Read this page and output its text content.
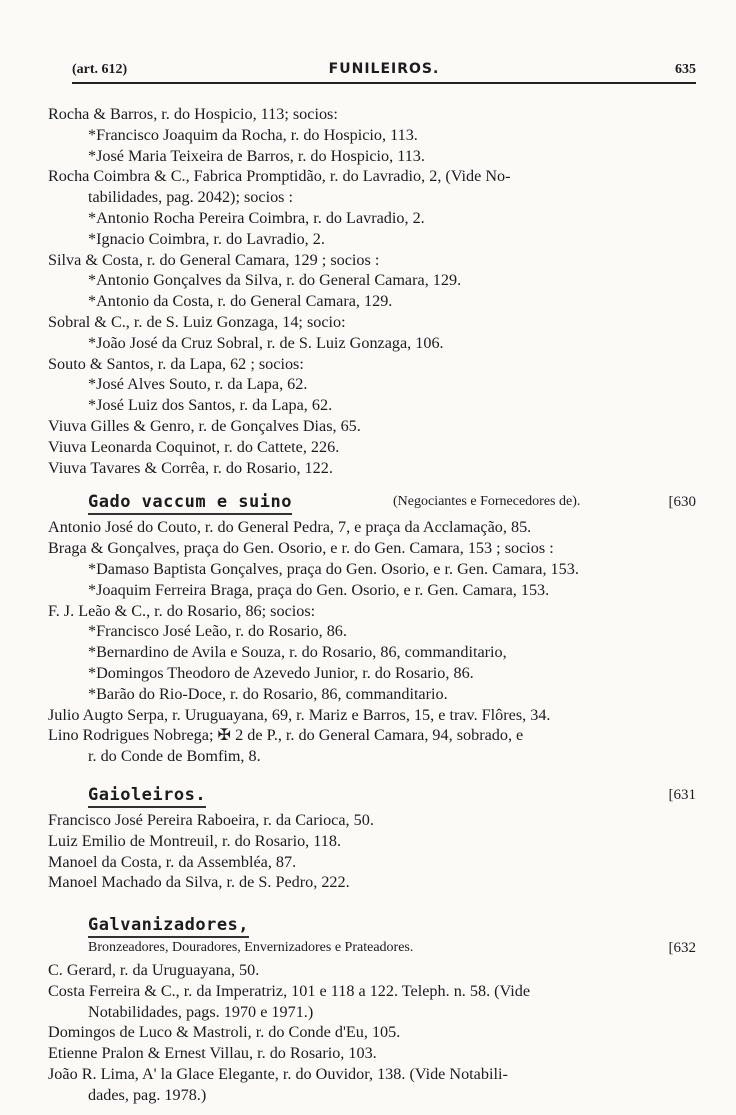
(art. 612)	FUNILEIROS.	635
Rocha & Barros, r. do Hospicio, 113; socios:
*Francisco Joaquim da Rocha, r. do Hospicio, 113.
*José Maria Teixeira de Barros, r. do Hospicio, 113.
Rocha Coimbra & C., Fabrica Promptidão, r. do Lavradio, 2, (Vide No-
tabilidades, pag. 2042); socios :
*Antonio Rocha Pereira Coimbra, r. do Lavradio, 2.
*Ignacio Coimbra, r. do Lavradio, 2.
Silva & Costa, r. do General Camara, 129 ; socios :
*Antonio Gonçalves da Silva, r. do General Camara, 129.
*Antonio da Costa, r. do General Camara, 129.
Sobral & C., r. de S. Luiz Gonzaga, 14; socio:
*João José da Cruz Sobral, r. de S. Luiz Gonzaga, 106.
Souto & Santos, r. da Lapa, 62 ; socios:
*José Alves Souto, r. da Lapa, 62.
*José Luiz dos Santos, r. da Lapa, 62.
Viuva Gilles & Genro, r. de Gonçalves Dias, 65.
Viuva Leonarda Coquinot, r. do Cattete, 226.
Viuva Tavares & Corrêa, r. do Rosario, 122.
Gado vaccum e suino	(Negociantes e Fornecedores de).	[630
Antonio José do Couto, r. do General Pedra, 7, e praça da Acclamação, 85.
Braga & Gonçalves, praça do Gen. Osorio, e r. do Gen. Camara, 153 ; socios :
*Damaso Baptista Gonçalves, praça do Gen. Osorio, e r. Gen. Camara, 153.
*Joaquim Ferreira Braga, praça do Gen. Osorio, e r. Gen. Camara, 153.
F. J. Leão & C., r. do Rosario, 86; socios:
*Francisco José Leão, r. do Rosario, 86.
*Bernardino de Avila e Souza, r. do Rosario, 86, commanditario,
*Domingos Theodoro de Azevedo Junior, r. do Rosario, 86.
*Barão do Rio-Doce, r. do Rosario, 86, commanditario.
Julio Augto Serpa, r. Uruguayana, 69, r. Mariz e Barros, 15, e trav. Flôres, 34.
Lino Rodrigues Nobrega; ✠ 2 de P., r. do General Camara, 94, sobrado, e
r. do Conde de Bomfim, 8.
Gaioleiros.	[631
Francisco José Pereira Raboeira, r. da Carioca, 50.
Luiz Emilio de Montreuil, r. do Rosario, 118.
Manoel da Costa, r. da Assembléa, 87.
Manoel Machado da Silva, r. de S. Pedro, 222.
Galvanizadores,
Bronzeadores, Douradores, Envernizadores e Prateadores.	[632
C. Gerard, r. da Uruguayana, 50.
Costa Ferreira & C., r. da Imperatriz, 101 e 118 a 122. Teleph. n. 58. (Vide
Notabilidades, pags. 1970 e 1971.)
Domingos de Luco & Mastroli, r. do Conde d'Eu, 105.
Etienne Pralon & Ernest Villau, r. do Rosario, 103.
João R. Lima, A' la Glace Elegante, r. do Ouvidor, 138. (Vide Notabili-
dades, pag. 1978.)
